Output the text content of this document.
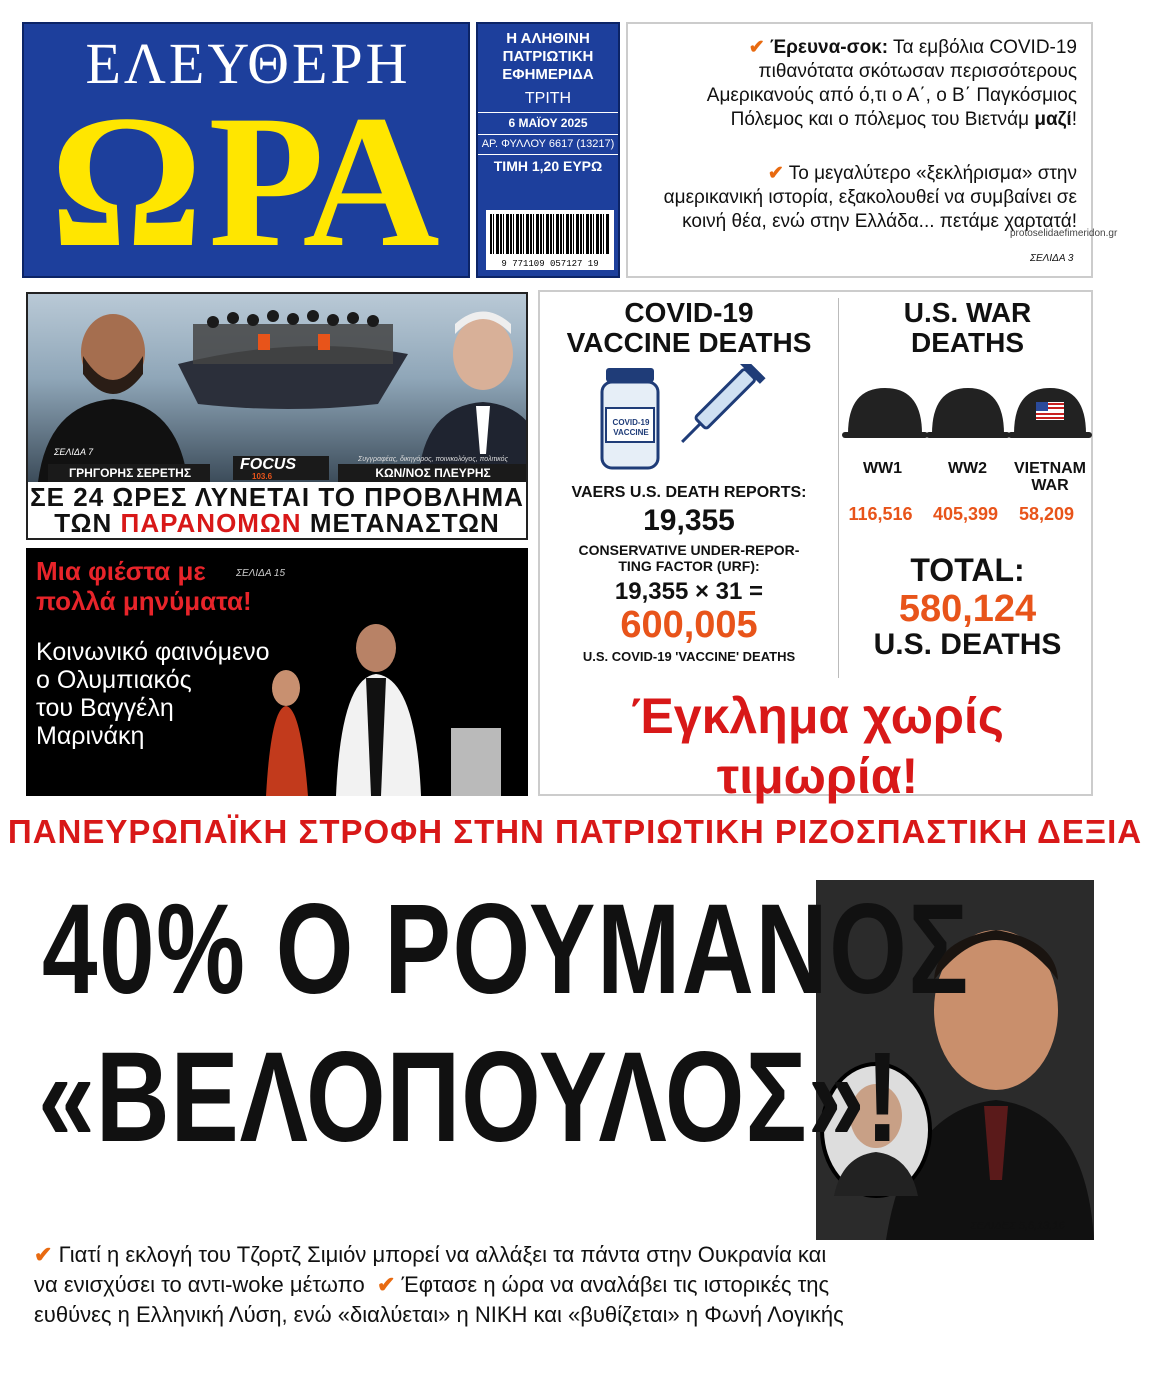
ΕΛΕΥΘΕΡΗ
ΩΡΑ
Η ΑΛΗΘΙΝΗ
ΠΑΤΡΙΩΤΙΚΗ
ΕΦΗΜΕΡΙΔΑ
ΤΡΙΤΗ
6 ΜΑΪΟΥ 2025
ΑΡ. ΦΥΛΛΟΥ 6617 (13217)
ΤΙΜΗ 1,20 ΕΥΡΩ
9 771109 057127 19
✔ Έρευνα-σοκ: Τα εμβόλια COVID-19
πιθανότατα σκότωσαν περισσότερους
Αμερικανούς από ό,τι ο Α΄, ο Β΄ Παγκόσμιος
Πόλεμος και ο πόλεμος του Βιετνάμ μαζί!
✔ Το μεγαλύτερο «ξεκλήρισμα» στην
αμερικανική ιστορία, εξακολουθεί να συμβαίνει σε
κοινή θέα, ενώ στην Ελλάδα... πετάμε χαρτατά!
protoselidaefimeridon.gr
ΣΕΛΙΔΑ 3
ΣΕΛΙΔΑ 7
ΓΡΗΓΟΡΗΣ ΣΕΡΕΤΗΣ	FOCUS
103.6
Συγγραφέας, δικηγόρος, ποινικολόγος, πολιτικός
ΚΩΝ/ΝΟΣ ΠΛΕΥΡΗΣ
ΣΕ 24 ΩΡΕΣ ΛΥΝΕΤΑΙ ΤΟ ΠΡΟΒΛΗΜΑ
ΤΩΝ ΠΑΡΑΝΟΜΩΝ ΜΕΤΑΝΑΣΤΩΝ
Μια φιέστα με
πολλά μηνύματα!
ΣΕΛΙΔΑ 15
Κοινωνικό φαινόμενο
ο Ολυμπιακός
του Βαγγέλη
Μαρινάκη
COVID-19
VACCINE DEATHS
COVID-19
VACCINE
VAERS U.S. DEATH REPORTS:
19,355
CONSERVATIVE UNDER-REPOR-
TING FACTOR (URF):
19,355 × 31 =
600,005
U.S. COVID-19 'VACCINE' DEATHS
U.S. WAR
DEATHS
WW1	WW2	VIETNAM WAR
116,516	405,399	58,209
TOTAL:
580,124
U.S. DEATHS
Έγκλημα χωρίς τιμωρία!
ΠΑΝΕΥΡΩΠΑΪΚΗ ΣΤΡΟΦΗ ΣΤΗΝ ΠΑΤΡΙΩΤΙΚΗ ΡΙΖΟΣΠΑΣΤΙΚΗ ΔΕΞΙΑ
40% Ο ΡΟΥΜΑΝΟΣ
«ΒΕΛΟΠΟΥΛΟΣ»!
ΣΕΛΙΔΕΣ 5,6,13,16
✔ Γιατί η εκλογή του Τζορτζ Σιμιόν μπορεί να αλλάξει τα πάντα στην Ουκρανία και
να ενισχύσει το αντι-woke μέτωπο  ✔ Έφτασε η ώρα να αναλάβει τις ιστορικές της
ευθύνες η Ελληνική Λύση, ενώ «διαλύεται» η ΝΙΚΗ και «βυθίζεται» η Φωνή Λογικής
